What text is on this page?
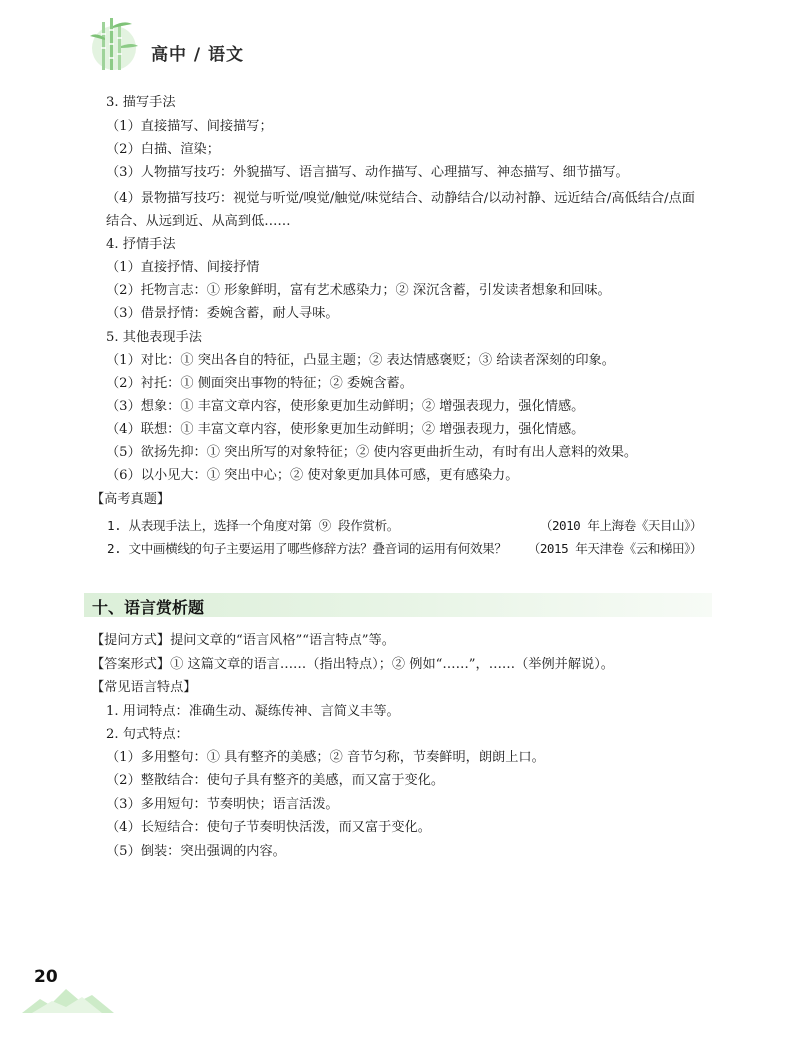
高中 / 语文
3. 描写手法
（1）直接描写、间接描写；
（2）白描、渲染；
（3）人物描写技巧：外貌描写、语言描写、动作描写、心理描写、神态描写、细节描写。
（4）景物描写技巧：视觉与听觉/嗅觉/触觉/味觉结合、动静结合/以动衬静、远近结合/高低结合/点面结合、从远到近、从高到低……
4. 抒情手法
（1）直接抒情、间接抒情
（2）托物言志：① 形象鲜明，富有艺术感染力；② 深沉含蓄，引发读者想象和回味。
（3）借景抒情：委婉含蓄，耐人寻味。
5. 其他表现手法
（1）对比：① 突出各自的特征，凸显主题；② 表达情感褒贬；③ 给读者深刻的印象。
（2）衬托：① 侧面突出事物的特征；② 委婉含蓄。
（3）想象：① 丰富文章内容，使形象更加生动鲜明；② 增强表现力，强化情感。
（4）联想：① 丰富文章内容，使形象更加生动鲜明；② 增强表现力，强化情感。
（5）欲扬先抑：① 突出所写的对象特征；② 使内容更曲折生动，有时有出人意料的效果。
（6）以小见大：① 突出中心；② 使对象更加具体可感，更有感染力。
【高考真题】
1. 从表现手法上，选择一个角度对第 ⑨ 段作赏析。	（2010 年上海卷《天目山》）
2. 文中画横线的句子主要运用了哪些修辞方法？叠音词的运用有何效果？ （2015 年天津卷《云和梯田》）
十、语言赏析题
【提问方式】提问文章的“语言风格”“语言特点”等。
【答案形式】① 这篇文章的语言……（指出特点）；② 例如“……”，……（举例并解说）。
【常见语言特点】
1. 用词特点：准确生动、凝练传神、言简义丰等。
2. 句式特点：
（1）多用整句：① 具有整齐的美感；② 音节匀称，节奏鲜明，朗朗上口。
（2）整散结合：使句子具有整齐的美感，而又富于变化。
（3）多用短句：节奏明快；语言活泼。
（4）长短结合：使句子节奏明快活泼，而又富于变化。
（5）倒装：突出强调的内容。
20
